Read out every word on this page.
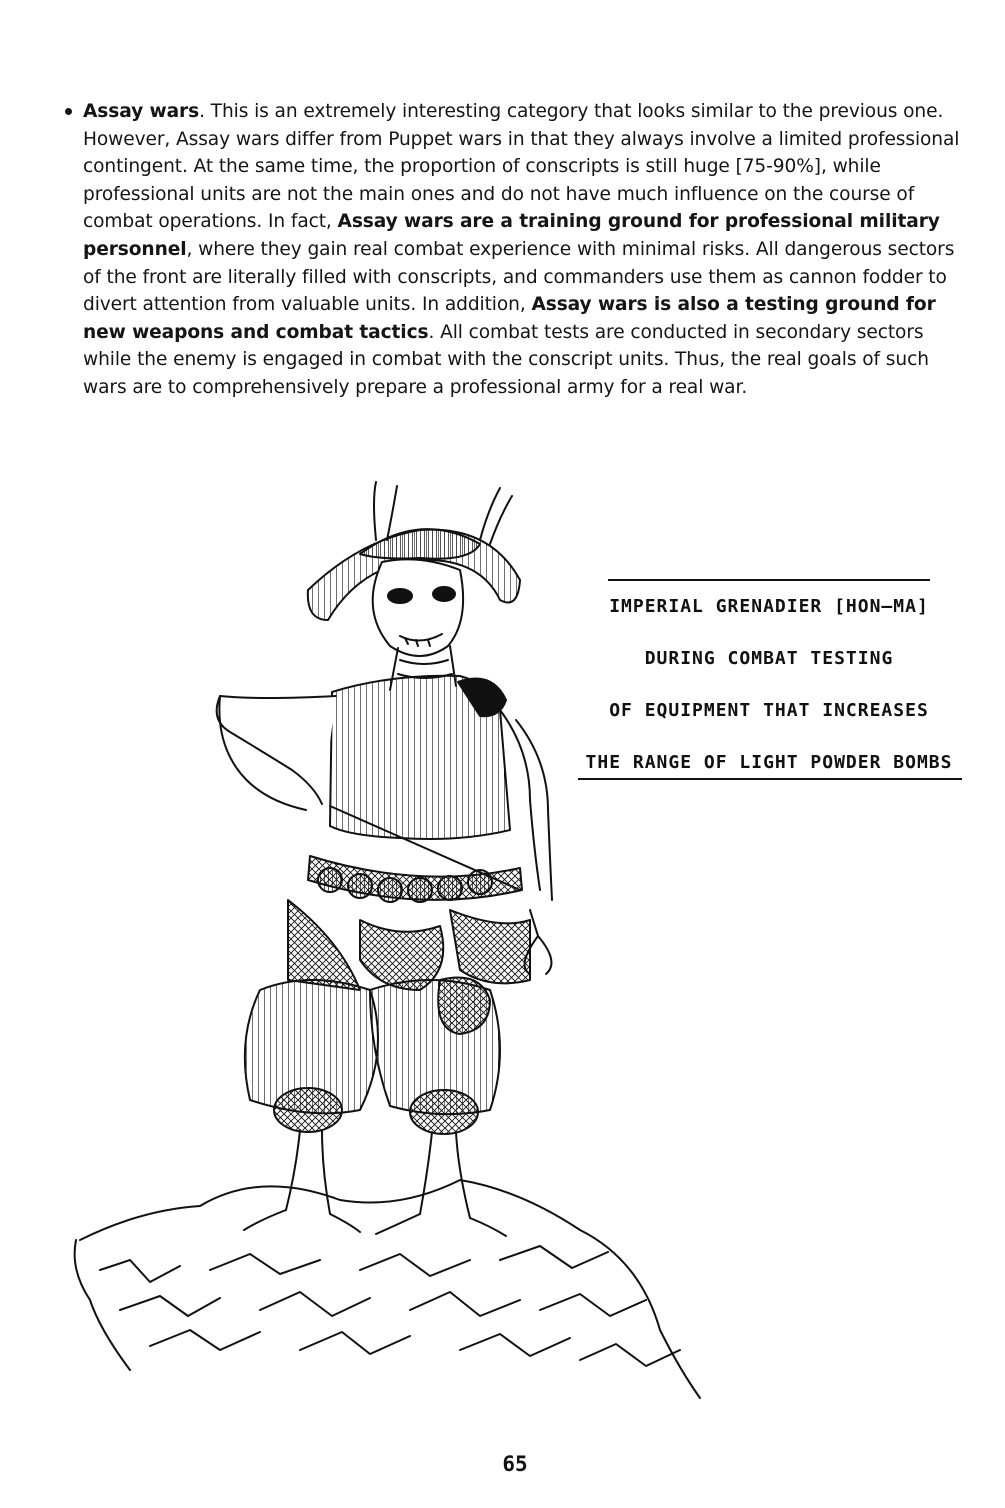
Assay wars. This is an extremely interesting category that looks similar to the previous one. However, Assay wars differ from Puppet wars in that they always involve a limited professional contingent. At the same time, the proportion of conscripts is still huge [75-90%], while professional units are not the main ones and do not have much influence on the course of combat operations. In fact, Assay wars are a training ground for professional military personnel, where they gain real combat experience with minimal risks. All dangerous sectors of the front are literally filled with conscripts, and commanders use them as cannon fodder to divert attention from valuable units. In addition, Assay wars is also a testing ground for new weapons and combat tactics. All combat tests are conducted in secondary sectors while the enemy is engaged in combat with the conscript units. Thus, the real goals of such wars are to comprehensively prepare a professional army for a real war.

IMPERIAL GRENADIER [HON–MA]
DURING COMBAT TESTING
OF EQUIPMENT THAT INCREASES
THE RANGE OF LIGHT POWDER BOMBS
65
